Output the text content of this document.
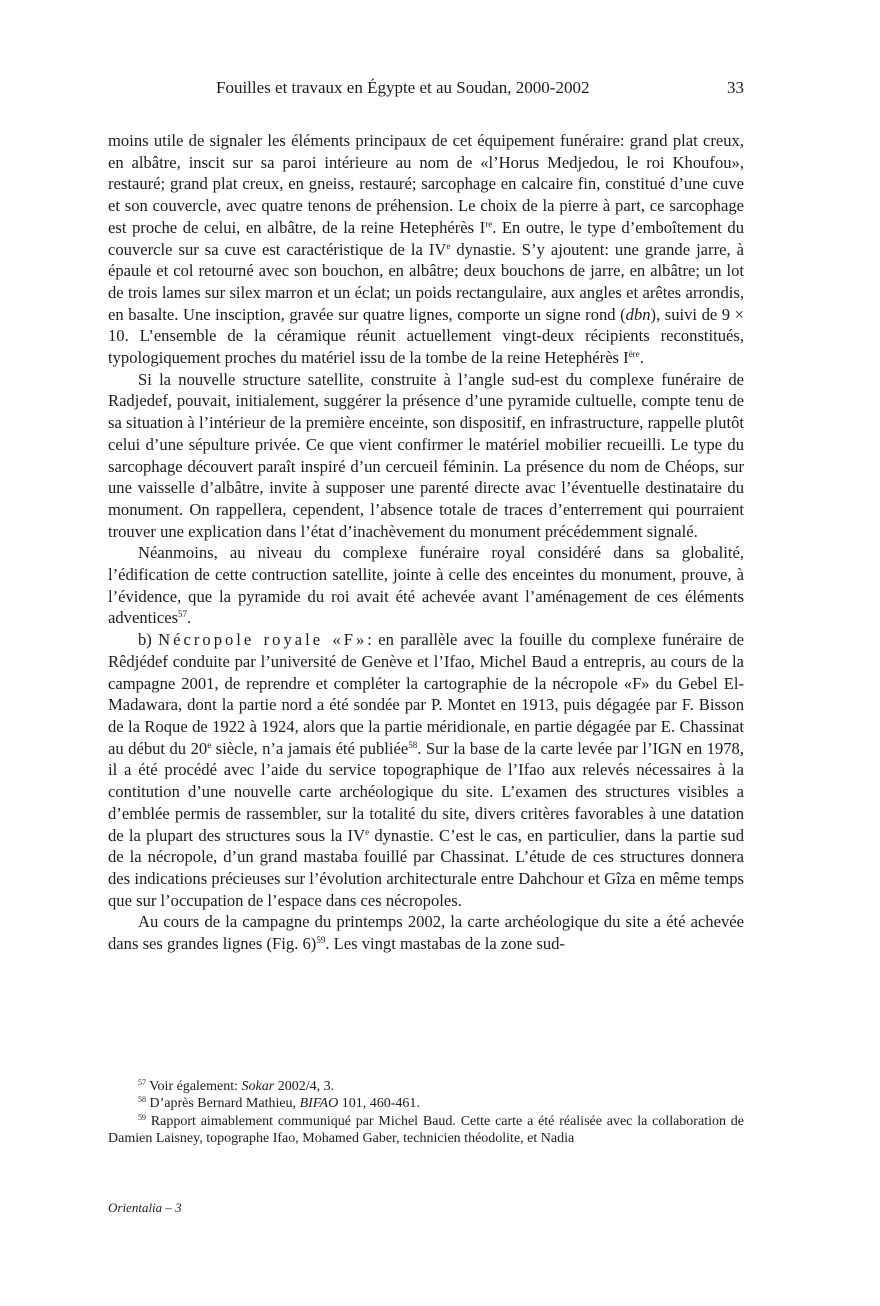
Fouilles et travaux en Égypte et au Soudan, 2000-2002	33

moins utile de signaler les éléments principaux de cet équipement funéraire: grand plat creux, en albâtre, inscit sur sa paroi intérieure au nom de «l’Horus Medjedou, le roi Khoufou», restauré; grand plat creux, en gneiss, restauré; sarcophage en calcaire fin, constitué d’une cuve et son couvercle, avec quatre tenons de préhension. Le choix de la pierre à part, ce sarcophage est proche de celui, en albâtre, de la reine Hetephérès Ire. En outre, le type d’emboîtement du couvercle sur sa cuve est caractéristique de la IVe dynastie. S’y ajoutent: une grande jarre, à épaule et col retourné avec son bouchon, en albâtre; deux bouchons de jarre, en albâtre; un lot de trois lames sur silex marron et un éclat; un poids rectangulaire, aux angles et arêtes arrondis, en basalte. Une insciption, gravée sur quatre lignes, comporte un signe rond (dbn), suivi de 9 × 10. L’ensemble de la céramique réunit actuellement vingt-deux récipients reconstitués, typologiquement proches du matériel issu de la tombe de la reine Hetephérès Ière.

Si la nouvelle structure satellite, construite à l’angle sud-est du complexe funéraire de Radjedef, pouvait, initialement, suggérer la présence d’une pyramide cultuelle, compte tenu de sa situation à l’intérieur de la première enceinte, son dispositif, en infrastructure, rappelle plutôt celui d’une sépulture privée. Ce que vient confirmer le matériel mobilier recueilli. Le type du sarcophage découvert paraît inspiré d’un cercueil féminin. La présence du nom de Chéops, sur une vaisselle d’albâtre, invite à supposer une parenté directe avac l’éventuelle destinataire du monument. On rappellera, cependent, l’absence totale de traces d’enterrement qui pourraient trouver une explication dans l’état d’inachèvement du monument précédemment signalé.

Néanmoins, au niveau du complexe funéraire royal considéré dans sa globalité, l’édification de cette contruction satellite, jointe à celle des enceintes du monument, prouve, à l’évidence, que la pyramide du roi avait été achevée avant l’aménagement de ces éléments adventices$^{57}$.

b) Nécropole royale «F»: en parallèle avec la fouille du complexe funéraire de Rêdjédef conduite par l’université de Genève et l’Ifao, Michel Baud a entrepris, au cours de la campagne 2001, de reprendre et compléter la cartographie de la nécropole «F» du Gebel El-Madawara, dont la partie nord a été sondée par P. Montet en 1913, puis dégagée par F. Bisson de la Roque de 1922 à 1924, alors que la partie méridionale, en partie dégagée par E. Chassinat au début du 20e siècle, n’a jamais été publiée$^{58}$. Sur la base de la carte levée par l’IGN en 1978, il a été procédé avec l’aide du service topographique de l’Ifao aux relevés nécessaires à la contitution d’une nouvelle carte archéologique du site. L’examen des structures visibles a d’emblée permis de rassembler, sur la totalité du site, divers critères favorables à une datation de la plupart des structures sous la IVe dynastie. C’est le cas, en particulier, dans la partie sud de la nécropole, d’un grand mastaba fouillé par Chassinat. L’étude de ces structures donnera des indications précieuses sur l’évolution architecturale entre Dahchour et Gîza en même temps que sur l’occupation de l’espace dans ces nécropoles.

Au cours de la campagne du printemps 2002, la carte archéologique du site a été achevée dans ses grandes lignes (Fig. 6)$^{59}$. Les vingt mastabas de la zone sud-

$^{57}$ Voir également: Sokar 2002/4, 3.

$^{58}$ D’après Bernard Mathieu, BIFAO 101, 460-461.

$^{59}$ Rapport aimablement communiqué par Michel Baud. Cette carte a été réalisée avec la collaboration de Damien Laisney, topographe Ifao, Mohamed Gaber, technicien théodolite, et Nadia

Orientalia – 3
